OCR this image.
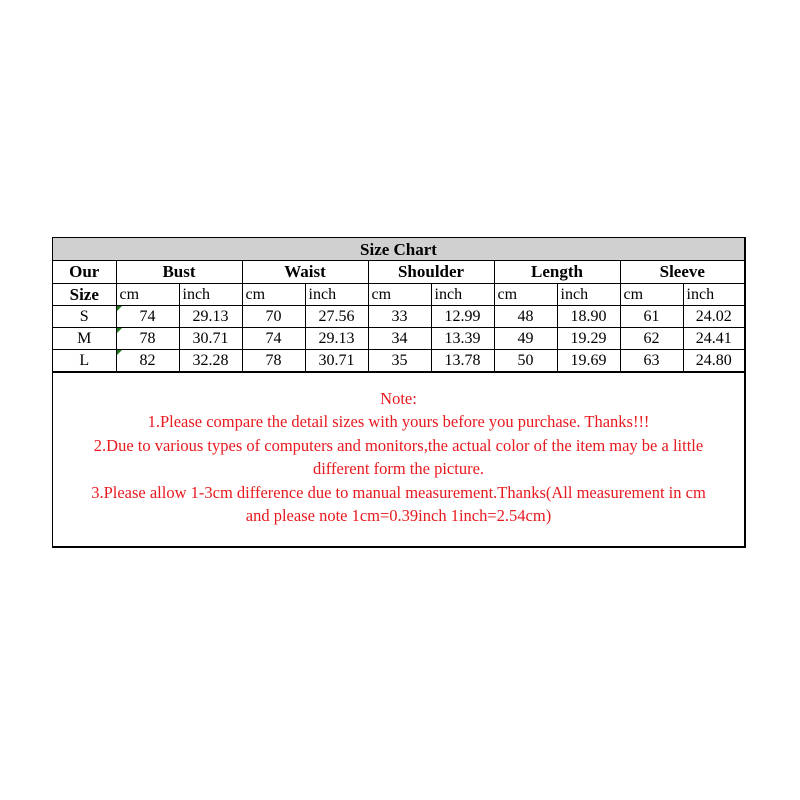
Size Chart
Our	Bust		Waist		Shoulder		Length		Sleeve	
Size	cm	inch	cm	inch	cm	inch	cm	inch	cm	inch
S	74	29.13	70	27.56	33	12.99	48	18.90	61	24.02
M	78	30.71	74	29.13	34	13.39	49	19.29	62	24.41
L	82	32.28	78	30.71	35	13.78	50	19.69	63	24.80
Note:
1.Please compare the detail sizes with yours before you purchase. Thanks!!!
2.Due to various types of computers and monitors,the actual color of the item may be a little
different form the picture.
3.Please allow 1-3cm difference due to manual measurement.Thanks(All measurement in cm
and please note 1cm=0.39inch 1inch=2.54cm)
